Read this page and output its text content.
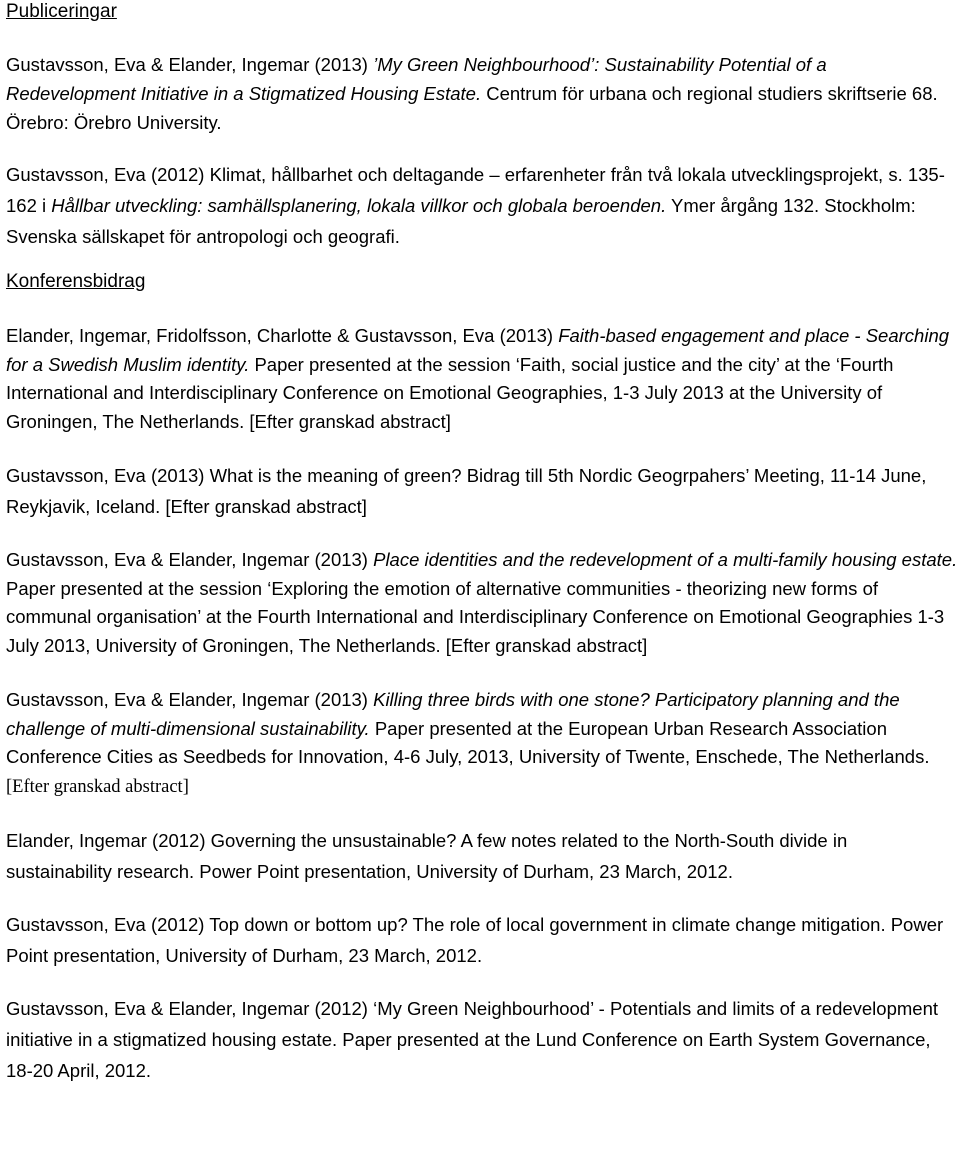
Publiceringar

Gustavsson, Eva & Elander, Ingemar (2013) ’My Green Neighbourhood’: Sustainability Potential of a Redevelopment Initiative in a Stigmatized Housing Estate. Centrum för urbana och regional studiers skriftserie 68. Örebro: Örebro University.

Gustavsson, Eva (2012) Klimat, hållbarhet och deltagande – erfarenheter från två lokala utvecklingsprojekt, s. 135-162 i Hållbar utveckling: samhällsplanering, lokala villkor och globala beroenden. Ymer årgång 132. Stockholm: Svenska sällskapet för antropologi och geografi.

Konferensbidrag

Elander, Ingemar, Fridolfsson, Charlotte & Gustavsson, Eva (2013) Faith-based engagement and place - Searching for a Swedish Muslim identity. Paper presented at the session ‘Faith, social justice and the city’ at the ‘Fourth International and Interdisciplinary Conference on Emotional Geographies, 1-3 July 2013 at the University of Groningen, The Netherlands. [Efter granskad abstract]

Gustavsson, Eva (2013) What is the meaning of green? Bidrag till 5th Nordic Geogrpahers’ Meeting, 11-14 June, Reykjavik, Iceland. [Efter granskad abstract]

Gustavsson, Eva & Elander, Ingemar (2013) Place identities and the redevelopment of a multi-family housing estate. Paper presented at the session ‘Exploring the emotion of alternative communities - theorizing new forms of communal organisation’ at the Fourth International and Interdisciplinary Conference on Emotional Geographies 1-3 July 2013, University of Groningen, The Netherlands. [Efter granskad abstract]

Gustavsson, Eva & Elander, Ingemar (2013) Killing three birds with one stone? Participatory planning and the challenge of multi-dimensional sustainability. Paper presented at the European Urban Research Association Conference Cities as Seedbeds for Innovation, 4-6 July, 2013, University of Twente, Enschede, The Netherlands. [Efter granskad abstract]

Elander, Ingemar (2012) Governing the unsustainable? A few notes related to the North-South divide in sustainability research. Power Point presentation, University of Durham, 23 March, 2012.

Gustavsson, Eva (2012) Top down or bottom up? The role of local government in climate change mitigation. Power Point presentation, University of Durham, 23 March, 2012.

Gustavsson, Eva & Elander, Ingemar (2012) ‘My Green Neighbourhood’ - Potentials and limits of a redevelopment initiative in a stigmatized housing estate. Paper presented at the Lund Conference on Earth System Governance, 18-20 April, 2012.
